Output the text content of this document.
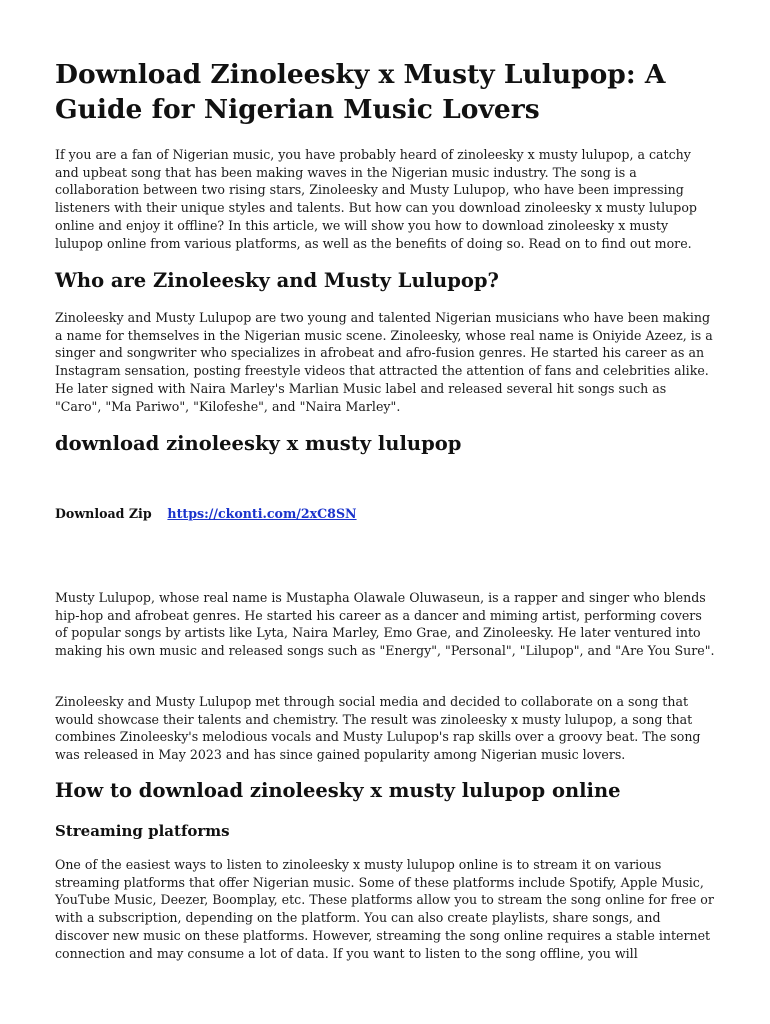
Download Zinoleesky x Musty Lulupop: A Guide for Nigerian Music Lovers

If you are a fan of Nigerian music, you have probably heard of zinoleesky x musty lulupop, a catchy and upbeat song that has been making waves in the Nigerian music industry. The song is a collaboration between two rising stars, Zinoleesky and Musty Lulupop, who have been impressing listeners with their unique styles and talents. But how can you download zinoleesky x musty lulupop online and enjoy it offline? In this article, we will show you how to download zinoleesky x musty lulupop online from various platforms, as well as the benefits of doing so. Read on to find out more.

Who are Zinoleesky and Musty Lulupop?

Zinoleesky and Musty Lulupop are two young and talented Nigerian musicians who have been making a name for themselves in the Nigerian music scene. Zinoleesky, whose real name is Oniyide Azeez, is a singer and songwriter who specializes in afrobeat and afro-fusion genres. He started his career as an Instagram sensation, posting freestyle videos that attracted the attention of fans and celebrities alike. He later signed with Naira Marley's Marlian Music label and released several hit songs such as "Caro", "Ma Pariwo", "Kilofeshe", and "Naira Marley".

download zinoleesky x musty lulupop
Download Zip https://ckonti.com/2xC8SN

Musty Lulupop, whose real name is Mustapha Olawale Oluwaseun, is a rapper and singer who blends hip-hop and afrobeat genres. He started his career as a dancer and miming artist, performing covers of popular songs by artists like Lyta, Naira Marley, Emo Grae, and Zinoleesky. He later ventured into making his own music and released songs such as "Energy", "Personal", "Lilupop", and "Are You Sure".

Zinoleesky and Musty Lulupop met through social media and decided to collaborate on a song that would showcase their talents and chemistry. The result was zinoleesky x musty lulupop, a song that combines Zinoleesky's melodious vocals and Musty Lulupop's rap skills over a groovy beat. The song was released in May 2023 and has since gained popularity among Nigerian music lovers.

How to download zinoleesky x musty lulupop online
Streaming platforms

One of the easiest ways to listen to zinoleesky x musty lulupop online is to stream it on various streaming platforms that offer Nigerian music. Some of these platforms include Spotify, Apple Music, YouTube Music, Deezer, Boomplay, etc. These platforms allow you to stream the song online for free or with a subscription, depending on the platform. You can also create playlists, share songs, and discover new music on these platforms. However, streaming the song online requires a stable internet connection and may consume a lot of data. If you want to listen to the song offline, you will
